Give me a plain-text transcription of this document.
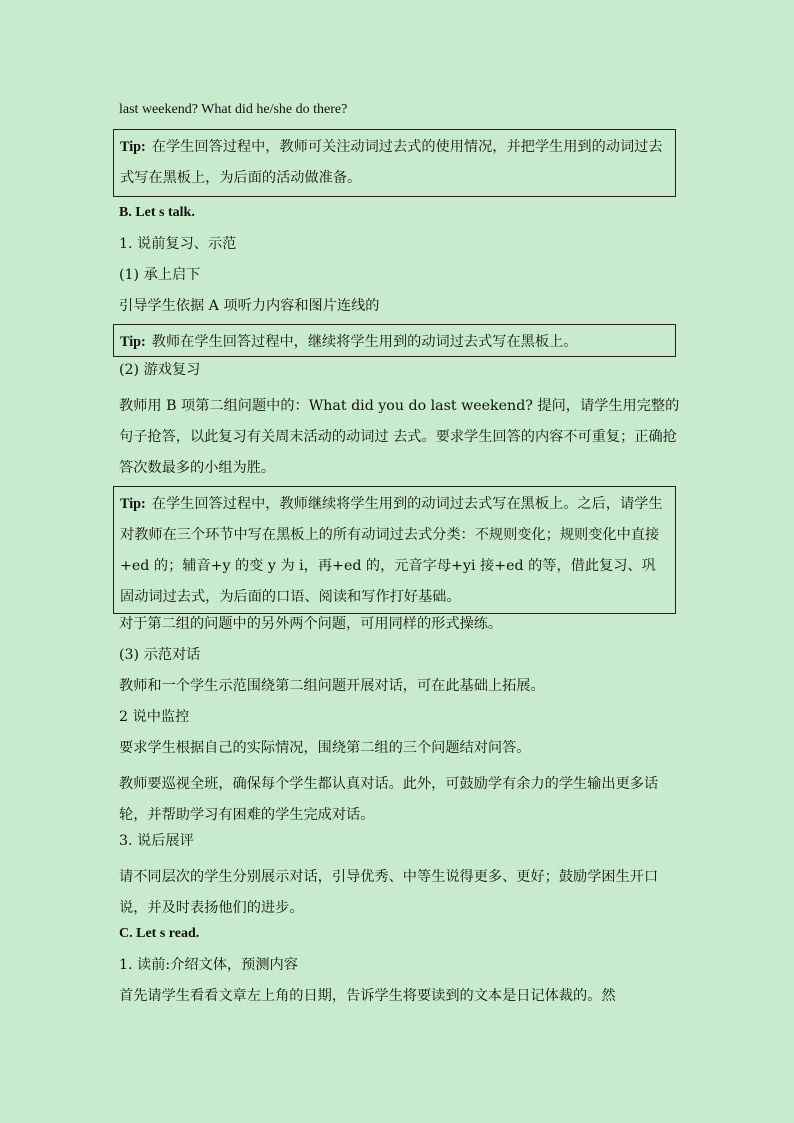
last weekend? What did he/she do there?
Tip: 在学生回答过程中，教师可关注动词过去式的使用情况，并把学生用到的动词过去式写在黑板上，为后面的活动做准备。
B. Let s talk.
1. 说前复习、示范
(1) 承上启下
引导学生依据 A 项听力内容和图片连线的
Tip: 教师在学生回答过程中，继续将学生用到的动词过去式写在黑板上。
(2) 游戏复习
教师用 B 项第二组问题中的：What did you do last weekend? 提问，请学生用完整的句子抢答，以此复习有关周末活动的动词过 去式。要求学生回答的内容不可重复；正确抢答次数最多的小组为胜。
Tip: 在学生回答过程中，教师继续将学生用到的动词过去式写在黑板上。之后，请学生对教师在三个环节中写在黑板上的所有动词过去式分类：不规则变化；规则变化中直接+ed 的；辅音+y 的变 y 为 i，再+ed 的，元音字母+yi 接+ed 的等，借此复习、巩固动词过去式，为后面的口语、阅读和写作打好基础。
对于第二组的问题中的另外两个问题，可用同样的形式操练。
(3) 示范对话
教师和一个学生示范围绕第二组问题开展对话，可在此基础上拓展。
2 说中监控
要求学生根据自己的实际情况，围绕第二组的三个问题结对问答。
教师要巡视全班，确保每个学生都认真对话。此外，可鼓励学有余力的学生输出更多话轮，并帮助学习有困难的学生完成对话。
3. 说后展评
请不同层次的学生分别展示对话，引导优秀、中等生说得更多、更好；鼓励学困生开口说，并及时表扬他们的进步。
C. Let s read.
1. 读前:介绍文体，预测内容
首先请学生看看文章左上角的日期，告诉学生将要读到的文本是日记体裁的。然
